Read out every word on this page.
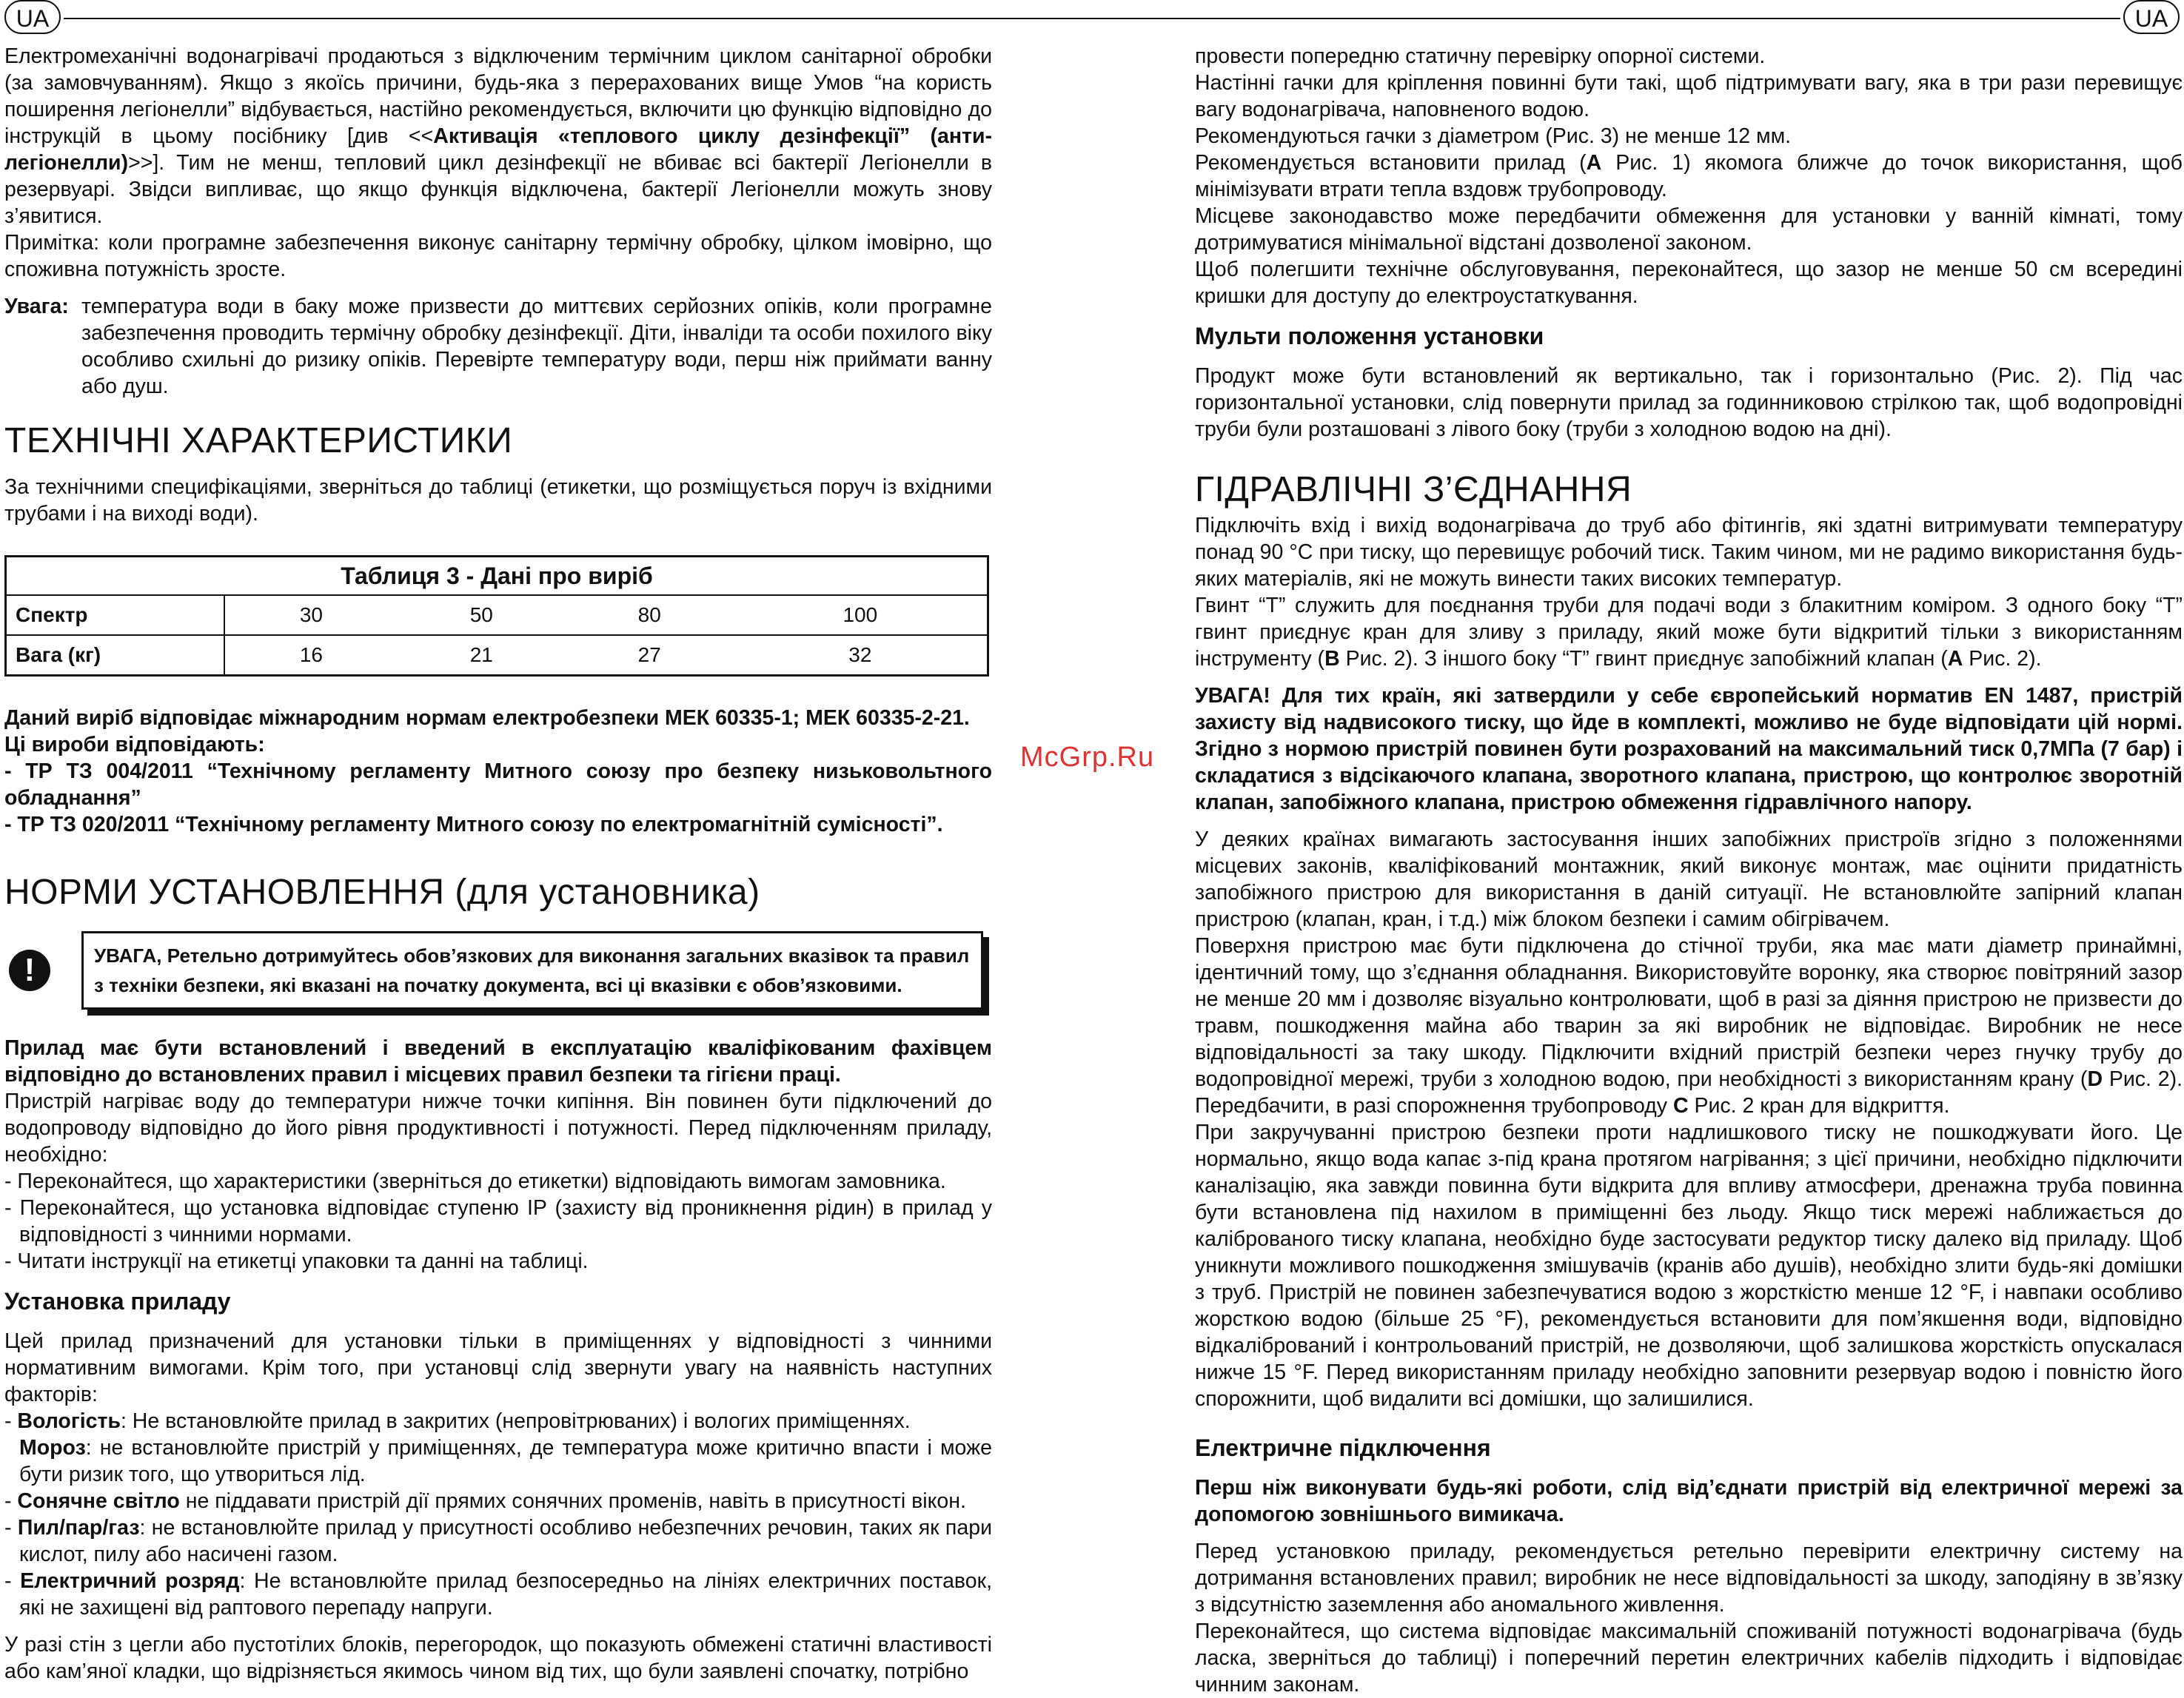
UA	UA
McGrp.Ru

Електромеханічні водонагрівачі продаються з відключеним термічним циклом санітарної обробки (за замовчуванням). Якщо з якоїсь причини, будь-яка з перерахованих вище Умов “на користь поширення легіонелли” відбувається, настійно рекомендується, включити цю функцію відповідно до інструкцій в цьому посібнику [див <<Активація «теплового циклу дезінфекції” (анти-легіонелли)>>]. Тим не менш, тепловий цикл дезінфекції не вбиває всі бактерії Легіонелли в резервуарі. Звідси випливає, що якщо функція відключена, бактерії Легіонелли можуть знову з’явитися.

Примітка: коли програмне забезпечення виконує санітарну термічну обробку, цілком імовірно, що споживна потужність зросте.

Увага: температура води в баку може призвести до миттєвих серйозних опіків, коли програмне забезпечення проводить термічну обробку дезінфекції. Діти, інваліди та особи похилого віку особливо схильні до ризику опіків. Перевірте температуру води, перш ніж приймати ванну або душ.
ТЕХНІЧНІ ХАРАКТЕРИСТИКИ

За технічними специфікаціями, зверніться до таблиці (етикетки, що розміщується поруч із вхідними трубами і на виході води).

Таблиця 3 - Дані про виріб				
Спектр	30	50	80	100
Вага (кг)	16	21	27	32

Даний виріб відповідає міжнародним нормам електробезпеки МЕК 60335-1; МЕК 60335-2-21.

Ці вироби відповідають:

- ТР ТЗ 004/2011 “Технічному регламенту Митного союзу про безпеку низьковольтного обладнання”

- ТР ТЗ 020/2011 “Технічному регламенту Митного союзу по електромагнітній сумісності”.

НОРМИ УСТАНОВЛЕННЯ (для установника)
!	УВАГА, Ретельно дотримуйтесь обов’язкових для виконання загальних вказівок та правил з техніки безпеки, які вказані на початку документа, всі ці вказівки є обов’язковими.

Прилад має бути встановлений і введений в експлуатацію кваліфікованим фахівцем відповідно до встановлених правил і місцевих правил безпеки та гігієни праці.

Пристрій нагріває воду до температури нижче точки кипіння. Він повинен бути підключений до водопроводу відповідно до його рівня продуктивності і потужності. Перед підключенням приладу, необхідно:

- Переконайтеся, що характеристики (зверніться до етикетки) відповідають вимогам замовника.

- Переконайтеся, що установка відповідає ступеню IP (захисту від проникнення рідин) в прилад у відповідності з чинними нормами.

- Читати інструкції на етикетці упаковки та данні на таблиці.

Установка приладу

Цей прилад призначений для установки тільки в приміщеннях у відповідності з чинними нормативним вимогами. Крім того, при установці слід звернути увагу на наявність наступних факторів:

- Вологість: Не встановлюйте прилад в закритих (непровітрюваних) і вологих приміщеннях.

Мороз: не встановлюйте пристрій у приміщеннях, де температура може критично впасти і може бути ризик того, що утвориться лід.

- Сонячне світло не піддавати пристрій дії прямих сонячних променів, навіть в присутності вікон.

- Пил/пар/газ: не встановлюйте прилад у присутності особливо небезпечних речовин, таких як пари кислот, пилу або насичені газом.

- Електричний розряд: Не встановлюйте прилад безпосередньо на лініях електричних поставок, які не захищені від раптового перепаду напруги.

У разі стін з цегли або пустотілих блоків, перегородок, що показують обмежені статичні властивості або кам’яної кладки, що відрізняється якимось чином від тих, що були заявлені спочатку, потрібно

провести попередню статичну перевірку опорної системи.

Настінні гачки для кріплення повинні бути такі, щоб підтримувати вагу, яка в три рази перевищує вагу водонагрівача, наповненого водою.

Рекомендуються гачки з діаметром (Рис. 3) не менше 12 мм.

Рекомендується встановити прилад (A Рис. 1) якомога ближче до точок використання, щоб мінімізувати втрати тепла вздовж трубопроводу.

Місцеве законодавство може передбачити обмеження для установки у ванній кімнаті, тому дотримуватися мінімальної відстані дозволеної законом.

Щоб полегшити технічне обслуговування, переконайтеся, що зазор не менше 50 см всередині кришки для доступу до електроустаткування.

Мульти положення установки

Продукт може бути встановлений як вертикально, так і горизонтально (Рис. 2). Під час горизонтальної установки, слід повернути прилад за годинниковою стрілкою так, щоб водопровідні труби були розташовані з лівого боку (труби з холодною водою на дні).

ГІДРАВЛІЧНІ З’ЄДНАННЯ

Підключіть вхід і вихід водонагрівача до труб або фітингів, які здатні витримувати температуру понад 90 °C при тиску, що перевищує робочий тиск. Таким чином, ми не радимо використання будь-яких матеріалів, які не можуть винести таких високих температур.

Гвинт “T” служить для поєднання труби для подачі води з блакитним коміром. З одного боку “T” гвинт приєднує кран для зливу з приладу, який може бути відкритий тільки з використанням інструменту (B Рис. 2). З іншого боку “T” гвинт приєднує запобіжний клапан (A Рис. 2).

УВАГА! Для тих країн, які затвердили у себе європейський норматив EN 1487, пристрій захисту від надвисокого тиску, що йде в комплекті, можливо не буде відповідати цій нормі. Згідно з нормою пристрій повинен бути розрахований на максимальний тиск 0,7МПа (7 бар) і складатися з відсікаючого клапана, зворотного клапана, пристрою, що контролює зворотній клапан, запобіжного клапана, пристрою обмеження гідравлічного напору.

У деяких країнах вимагають застосування інших запобіжних пристроїв згідно з положеннями місцевих законів, кваліфікований монтажник, який виконує монтаж, має оцінити придатність запобіжного пристрою для використання в даній ситуації. Не встановлюйте запірний клапан пристрою (клапан, кран, і т.д.) між блоком безпеки і самим обігрівачем.

Поверхня пристрою має бути підключена до стічної труби, яка має мати діаметр принаймні, ідентичний тому, що з’єднання обладнання. Використовуйте воронку, яка створює повітряний зазор не менше 20 мм і дозволяє візуально контролювати, щоб в разі за діяння пристрою не призвести до травм, пошкодження майна або тварин за які виробник не відповідає. Виробник не несе відповідальності за таку шкоду. Підключити вхідний пристрій безпеки через гнучку трубу до водопровідної мережі, труби з холодною водою, при необхідності з використанням крану (D Рис. 2). Передбачити, в разі спорожнення трубопроводу C Рис. 2 кран для відкриття.

При закручуванні пристрою безпеки проти надлишкового тиску не пошкоджувати його. Це нормально, якщо вода капає з-під крана протягом нагрівання; з цієї причини, необхідно підключити каналізацію, яка завжди повинна бути відкрита для впливу атмосфери, дренажна труба повинна бути встановлена під нахилом в приміщенні без льоду. Якщо тиск мережі наближається до каліброваного тиску клапана, необхідно буде застосувати редуктор тиску далеко від приладу. Щоб уникнути можливого пошкодження змішувачів (кранів або душів), необхідно злити будь-які домішки з труб. Пристрій не повинен забезпечуватися водою з жорсткістю менше 12 °F, і навпаки особливо жорсткою водою (більше 25 °F), рекомендується встановити для пом’якшення води, відповідно відкалібрований і контрольований пристрій, не дозволяючи, щоб залишкова жорсткість опускалася нижче 15 °F. Перед використанням приладу необхідно заповнити резервуар водою і повністю його спорожнити, щоб видалити всі домішки, що залишилися.

Електричне підключення

Перш ніж виконувати будь-які роботи, слід від’єднати пристрій від електричної мережі за допомогою зовнішнього вимикача.

Перед установкою приладу, рекомендується ретельно перевірити електричну систему на дотримання встановлених правил; виробник не несе відповідальності за шкоду, заподіяну в зв’язку з відсутністю заземлення або аномального живлення.

Переконайтеся, що система відповідає максимальній споживаній потужності водонагрівача (будь ласка, зверніться до таблиці) і поперечний перетин електричних кабелів підходить і відповідає чинним законам.
